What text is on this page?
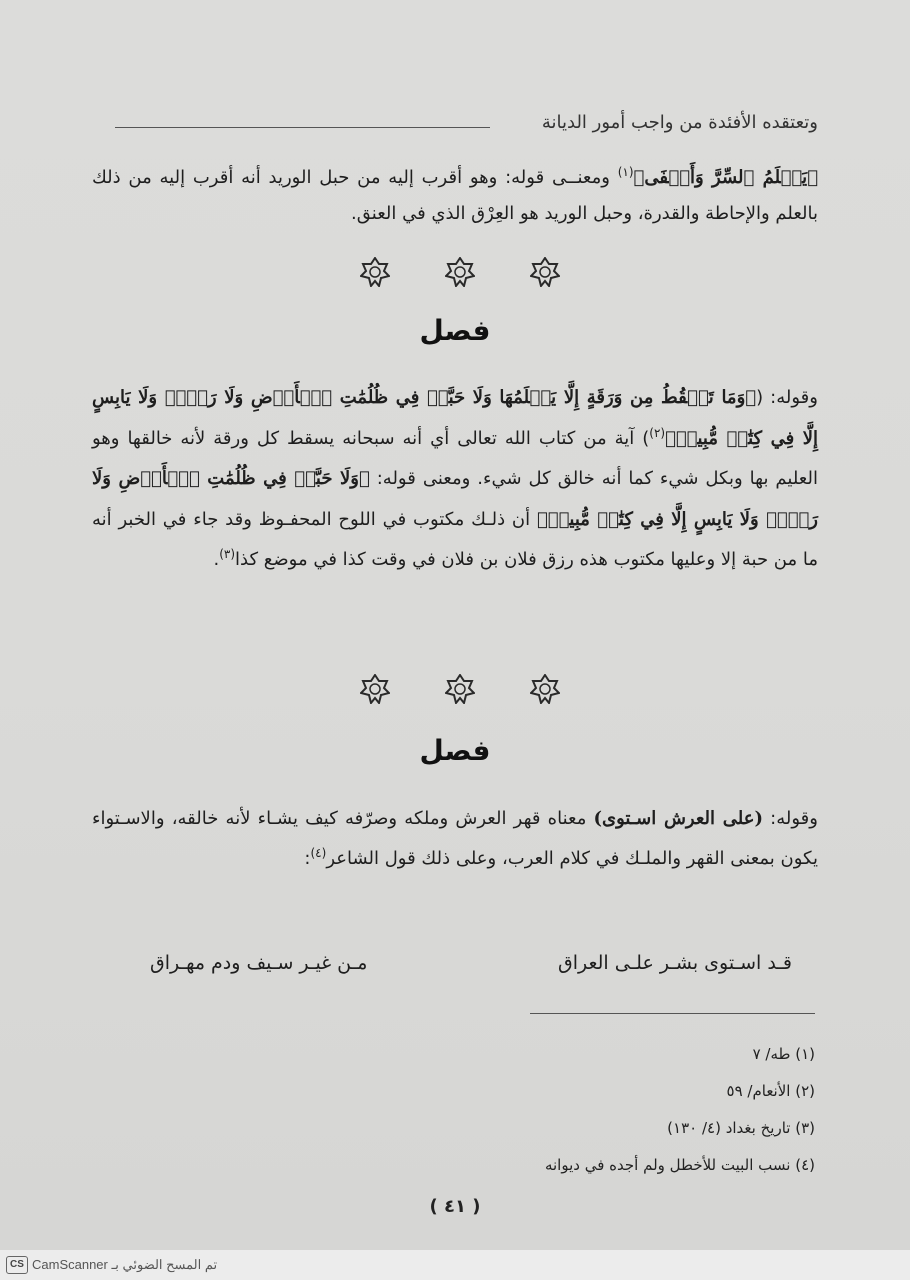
وتعتقده الأفئدة من واجب أمور الديانة
﴿يَعۡلَمُ ٱلسِّرَّ وَأَخۡفَى﴾$^{(١)}$ ومعنــى قوله: وهو أقرب إليه من حبل الوريد أنه أقرب إليه من ذلك بالعلم والإحاطة والقدرة، وحبل الوريد هو العِرْق الذي في العنق.
فصل
وقوله: (﴿وَمَا تَسۡقُطُ مِن وَرَقَةٍ إِلَّا يَعۡلَمُهَا وَلَا حَبَّةٖ فِي ظُلُمَٰتِ ٱلۡأَرۡضِ وَلَا رَطۡبٖ وَلَا يَابِسٍ إِلَّا فِي كِتَٰبٖ مُّبِينٖ﴾$^{(٢)}$) آية من كتاب الله تعالى أي أنه سبحانه يسقط كل ورقة لأنه خالقها وهو العليم بها وبكل شيء كما أنه خالق كل شيء. ومعنى قوله: ﴿وَلَا حَبَّةٖ فِي ظُلُمَٰتِ ٱلۡأَرۡضِ وَلَا رَطۡبٖ وَلَا يَابِسٍ إِلَّا فِي كِتَٰبٖ مُّبِينٖ﴾ أن ذلـك مكتوب في اللوح المحفـوظ وقد جاء في الخبر أنه ما من حبة إلا وعليها مكتوب هذه رزق فلان بن فلان في وقت كذا في موضع كذا$^{(٣)}$.
فصل
وقوله: (على العرش اسـتوى) معناه قهر العرش وملكه وصرّفه كيف يشـاء لأنه خالقه، والاسـتواء يكون بمعنى القهر والملـك في كلام العرب، وعلى ذلك قول الشاعر$^{(٤)}$:
قـد اسـتوى بشـر علـى العراق
مـن غيـر سـيف ودم مهـراق
(١) طه/ ٧
(٢) الأنعام/ ٥٩
(٣) تاريخ بغداد (٤/ ١٣٠)
(٤) نسب البيت للأخطل ولم أجده في ديوانه
( ٤١ )
CS تم المسح الضوئي بـ CamScanner
